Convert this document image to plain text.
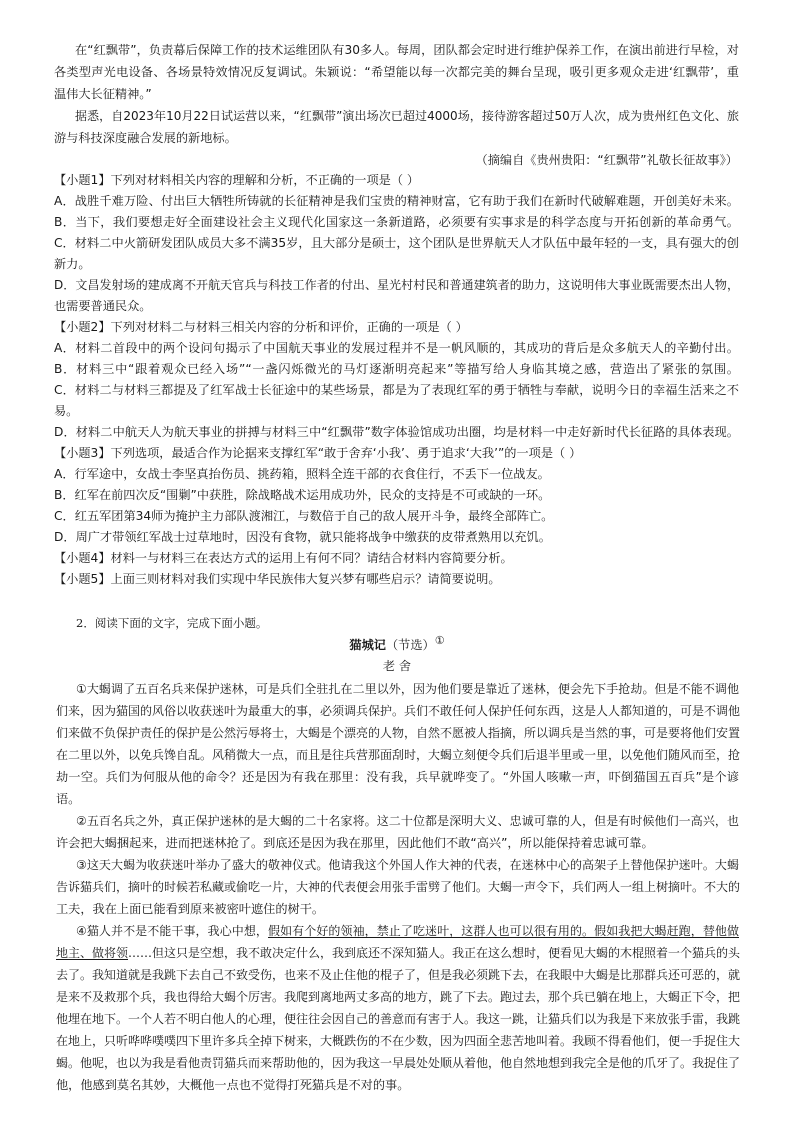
在“红飘带”，负责幕后保障工作的技术运维团队有30多人。每周，团队都会定时进行维护保养工作，在演出前进行早检，对
各类型声光电设备、各场景特效情况反复调试。朱颖说：“希望能以每一次都完美的舞台呈现，吸引更多观众走进‘红飘带’，重
温伟大长征精神。”
据悉，自2023年10月22日试运营以来，“红飘带”演出场次已超过4000场，接待游客超过50万人次，成为贵州红色文化、旅
游与科技深度融合发展的新地标。
（摘编自《贵州贵阳：“红飘带”礼敬长征故事》）
【小题1】下列对材料相关内容的理解和分析，不正确的一项是（ ）
A．战胜千难万险、付出巨大牺牲所铸就的长征精神是我们宝贵的精神财富，它有助于我们在新时代破解难题，开创美好未来。
B．当下，我们要想走好全面建设社会主义现代化国家这一条新道路，必须要有实事求是的科学态度与开拓创新的革命勇气。
C．材料二中火箭研发团队成员大多不满35岁，且大部分是硕士，这个团队是世界航天人才队伍中最年轻的一支，具有强大的创
新力。
D．文昌发射场的建成离不开航天官兵与科技工作者的付出、星光村村民和普通建筑者的助力，这说明伟大事业既需要杰出人物，
也需要普通民众。
【小题2】下列对材料二与材料三相关内容的分析和评价，正确的一项是（ ）
A．材料二首段中的两个设问句揭示了中国航天事业的发展过程并不是一帆风顺的，其成功的背后是众多航天人的辛勤付出。
B．材料三中“跟着观众已经入场”“一盏闪烁微光的马灯逐渐明亮起来”等描写给人身临其境之感，营造出了紧张的氛围。
C．材料二与材料三都提及了红军战士长征途中的某些场景，都是为了表现红军的勇于牺牲与奉献，说明今日的幸福生活来之不
易。
D．材料二中航天人为航天事业的拼搏与材料三中“红飘带”数字体验馆成功出圈，均是材料一中走好新时代长征路的具体表现。
【小题3】下列选项，最适合作为论据来支撑红军“敢于舍弃‘小我’、勇于追求‘大我’”的一项是（ ）
A．行军途中，女战士李坚真抬伤员、挑药箱，照料全连干部的衣食住行，不丢下一位战友。
B．红军在前四次反“围剿”中获胜，除战略战术运用成功外，民众的支持是不可或缺的一环。
C．红五军团第34师为掩护主力部队渡湘江，与数倍于自己的敌人展开斗争，最终全部阵亡。
D．周广才带领红军战士过草地时，因没有食物，就只能将战争中缴获的皮带煮熟用以充饥。
【小题4】材料一与材料三在表达方式的运用上有何不同？请结合材料内容简要分析。
【小题5】上面三则材料对我们实现中华民族伟大复兴梦有哪些启示？请简要说明。
2．阅读下面的文字，完成下面小题。
猫城记（节选）①
老 舍
①大蝎调了五百名兵来保护迷林，可是兵们全驻扎在二里以外，因为他们要是靠近了迷林，便会先下手抢劫。但是不能不调他
们来，因为猫国的风俗以收获迷叶为最重大的事，必须调兵保护。兵们不敢任何人保护任何东西，这是人人都知道的，可是不调他
们来做不负保护责任的保护是公然污辱将士，大蝎是个漂亮的人物，自然不愿被人指摘，所以调兵是当然的事，可是要将他们安置
在二里以外，以免兵馋自乱。风稍微大一点，而且是往兵营那面刮时，大蝎立刻便令兵们后退半里或一里，以免他们随风而至，抢
劫一空。兵们为何服从他的命令？还是因为有我在那里：没有我，兵早就哗变了。“外国人咳嗽一声，吓倒猫国五百兵”是个谚
语。
②五百名兵之外，真正保护迷林的是大蝎的二十名家将。这二十位都是深明大义、忠诚可靠的人，但是有时候他们一高兴，也
许会把大蝎捆起来，进而把迷林抢了。到底还是因为我在那里，因此他们不敢“高兴”，所以能保持着忠诚可靠。
③这天大蝎为收获迷叶举办了盛大的敬神仪式。他请我这个外国人作大神的代表，在迷林中心的高架子上替他保护迷叶。大蝎
告诉猫兵们，摘叶的时候若私藏或偷吃一片，大神的代表便会用张手雷劈了他们。大蝎一声令下，兵们两人一组上树摘叶。不大的
工夫，我在上面已能看到原来被密叶遮住的树干。
④猫人并不是不能干事，我心中想，假如有个好的领袖，禁止了吃迷叶，这群人也可以很有用的。假如我把大蝎赶跑，替他做
地主、做将领……但这只是空想，我不敢决定什么，我到底还不深知猫人。我正在这么想时，便看见大蝎的木棍照着一个猫兵的头
去了。我知道就是我跳下去自己不致受伤，也来不及止住他的棍子了，但是我必须跳下去，在我眼中大蝎是比那群兵还可恶的，就
是来不及救那个兵，我也得给大蝎个厉害。我爬到离地两丈多高的地方，跳了下去。跑过去，那个兵已躺在地上，大蝎正下令，把
他埋在地下。一个人若不明白他人的心理，便往往会因自己的善意而有害于人。我这一跳，让猫兵们以为我是下来放张手雷，我跳
在地上，只听哗哗噗噗四下里许多兵全掉下树来，大概跌伤的不在少数，因为四面全悲苦地叫着。我顾不得看他们，便一手捉住大
蝎。他呢，也以为我是看他责罚猫兵而来帮助他的，因为我这一早晨处处顺从着他，他自然地想到我完全是他的爪牙了。我捉住了
他，他感到莫名其妙，大概他一点也不觉得打死猫兵是不对的事。
